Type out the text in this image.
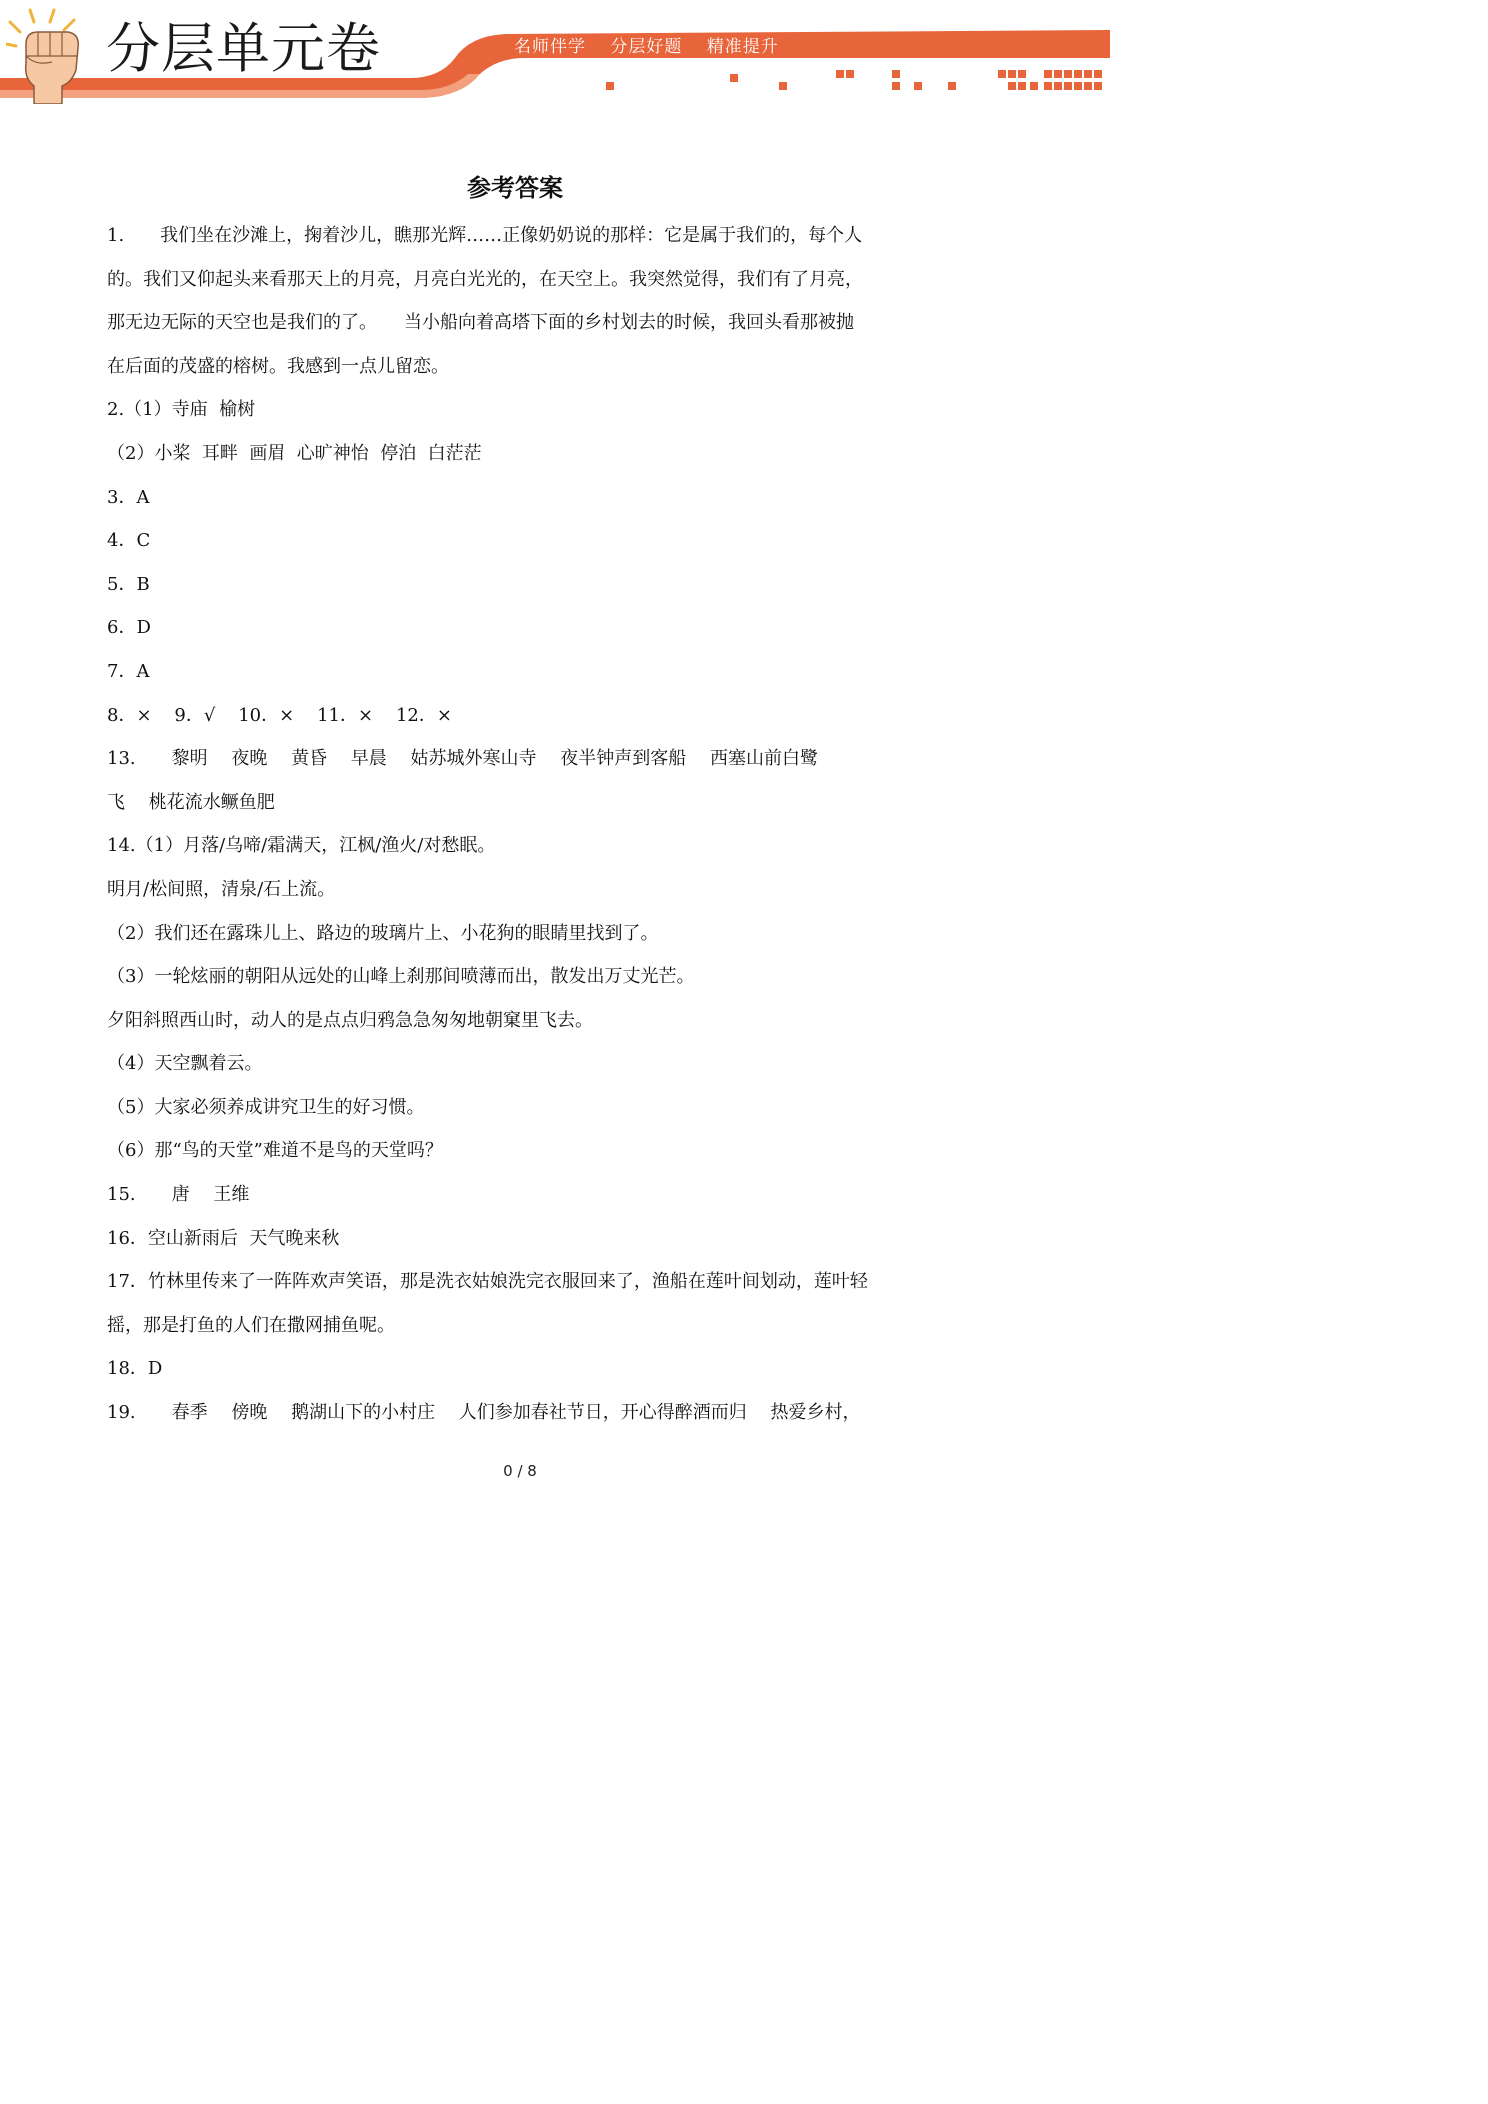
分层单元卷	名师伴学 分层好题 精准提升
参考答案
1.　　我们坐在沙滩上，掬着沙儿，瞧那光辉……正像奶奶说的那样：它是属于我们的，每个人
的。我们又仰起头来看那天上的月亮，月亮白光光的，在天空上。我突然觉得，我们有了月亮，
那无边无际的天空也是我们的了。　　当小船向着高塔下面的乡村划去的时候，我回头看那被抛
在后面的茂盛的榕树。我感到一点儿留恋。
2.（1）寺庙  榆树
（2）小桨  耳畔  画眉  心旷神怡  停泊  白茫茫
3．A
4．C
5．B
6．D
7．A
8．×    9．√    10．×    11．×    12．×
13.　　黎明　 夜晚　 黄昏　 早晨　 姑苏城外寒山寺　 夜半钟声到客船　 西塞山前白鹭
飞　 桃花流水鳜鱼肥
14.（1）月落/乌啼/霜满天，江枫/渔火/对愁眠。
明月/松间照，清泉/石上流。
（2）我们还在露珠儿上、路边的玻璃片上、小花狗的眼睛里找到了。
（3）一轮炫丽的朝阳从远处的山峰上刹那间喷薄而出，散发出万丈光芒。
夕阳斜照西山时，动人的是点点归鸦急急匆匆地朝窠里飞去。
（4）天空飘着云。
（5）大家必须养成讲究卫生的好习惯。
（6）那“鸟的天堂”难道不是鸟的天堂吗？
15.　　唐　 王维
16．空山新雨后  天气晚来秋
17．竹林里传来了一阵阵欢声笑语，那是洗衣姑娘洗完衣服回来了，渔船在莲叶间划动，莲叶轻
摇，那是打鱼的人们在撒网捕鱼呢。
18．D
19.　　春季　 傍晚　 鹅湖山下的小村庄　 人们参加春社节日，开心得醉酒而归　 热爱乡村，
0 / 8
